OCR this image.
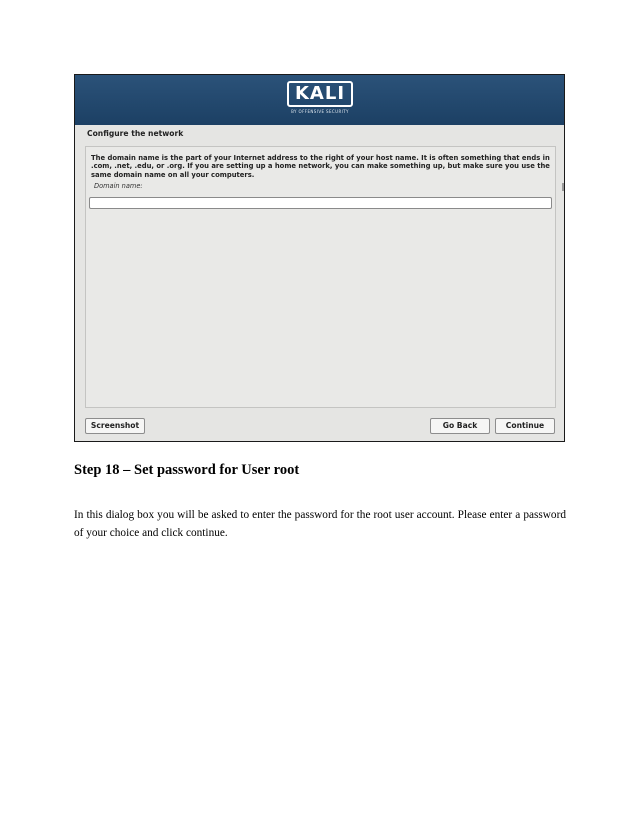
KALI
BY OFFENSIVE SECURITY
Configure the network

The domain name is the part of your Internet address to the right of your host name. It is often something that ends in .com, .net, .edu, or .org. If you are setting up a home network, you can make something up, but make sure you use the same domain name on all your computers.

Domain name:
Screenshot	Go Back	Continue
Step 18 – Set password for User root

In this dialog box you will be asked to enter the password for the root user account. Please enter a password of your choice and click continue.
